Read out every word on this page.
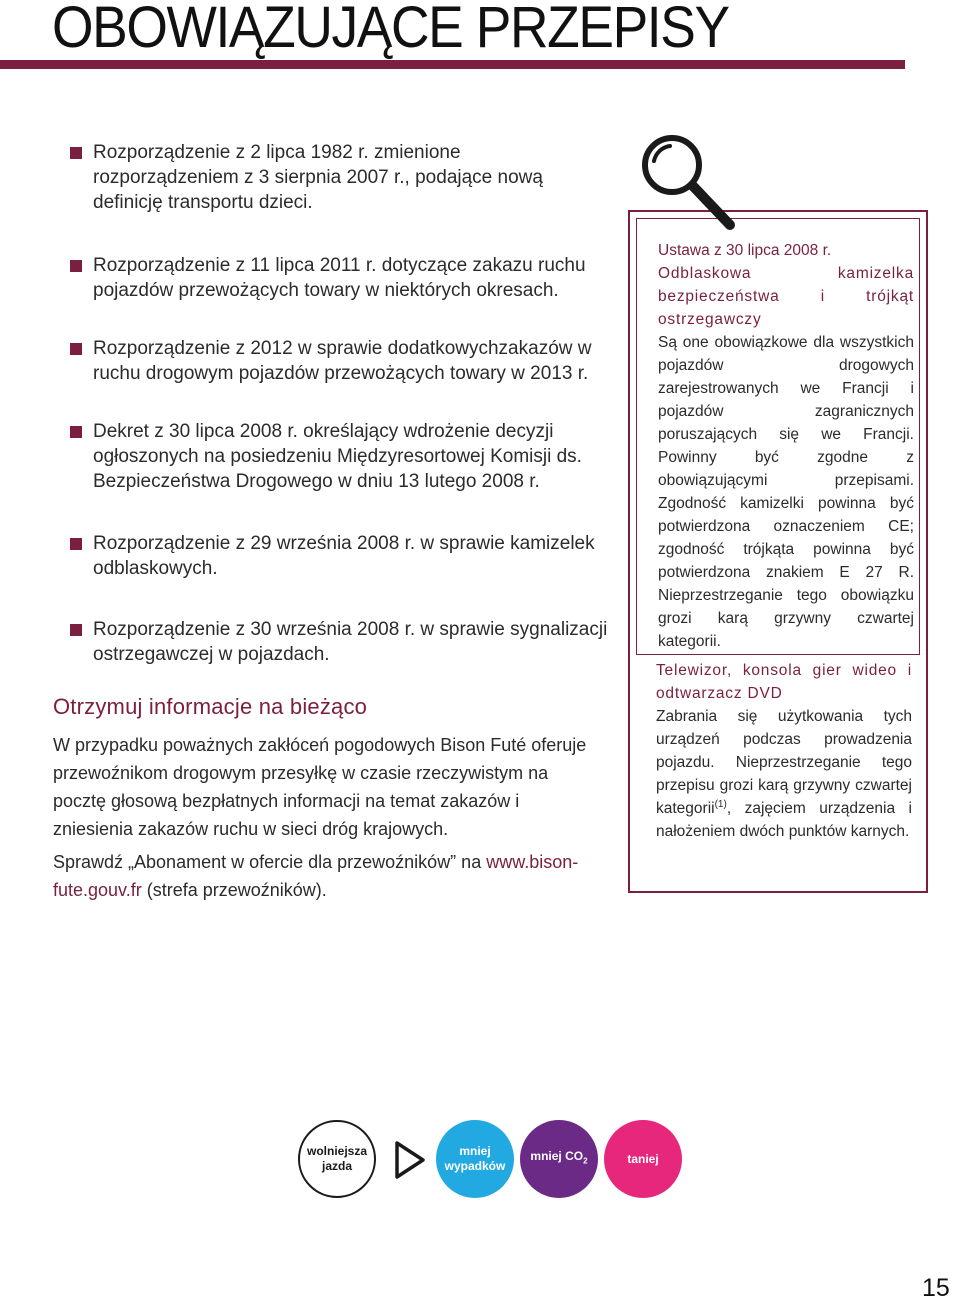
OBOWIĄZUJĄCE PRZEPISY
Rozporządzenie z 2 lipca 1982 r. zmienione rozporządzeniem z 3 sierpnia 2007 r., podające nową definicję transportu dzieci.
Rozporządzenie z 11 lipca 2011 r. dotyczące zakazu ruchu pojazdów przewożących towary w niektórych okresach.
Rozporządzenie z 2012 w sprawie dodatkowychzakazów w ruchu drogowym pojazdów przewożących towary w 2013 r.
Dekret z 30 lipca 2008 r. określający wdrożenie decyzji ogłoszonych na posiedzeniu Międzyresortowej Komisji ds. Bezpieczeństwa Drogowego w dniu 13 lutego 2008 r.
Rozporządzenie z 29 września 2008 r. w sprawie kamizelek odblaskowych.
Rozporządzenie z 30 września 2008 r. w sprawie sygnalizacji ostrzegawczej w pojazdach.
Otrzymuj informacje na bieżąco

W przypadku poważnych zakłóceń pogodowych Bison Futé oferuje przewoźnikom drogowym przesyłkę w czasie rzeczywistym na pocztę głosową bezpłatnych informacji na temat zakazów i zniesienia zakazów ruchu w sieci dróg krajowych.

Sprawdź „Abonament w ofercie dla przewoźników” na www.bison-fute.gouv.fr (strefa przewoźników).

Ustawa z 30 lipca 2008 r.
Odblaskowa kamizelka bezpieczeństwa i trójkąt ostrzegawczy
Są one obowiązkowe dla wszystkich pojazdów drogowych zarejestrowanych we Francji i pojazdów zagranicznych poruszających się we Francji. Powinny być zgodne z obowiązującymi przepisami. Zgodność kamizelki powinna być potwierdzona oznaczeniem CE; zgodność trójkąta powinna być potwierdzona znakiem E 27 R. Nieprzestrzeganie tego obowiązku grozi karą grzywny czwartej kategorii.
Telewizor, konsola gier wideo i odtwarzacz DVD
Zabrania się użytkowania tych urządzeń podczas prowadzenia pojazdu. Nieprzestrzeganie tego przepisu grozi karą grzywny czwartej kategorii$^{(1)}$, zajęciem urządzenia i nałożeniem dwóch punktów karnych.
wolniejsza jazda
mniej wypadków
mniej $CO_2$	taniej
15
